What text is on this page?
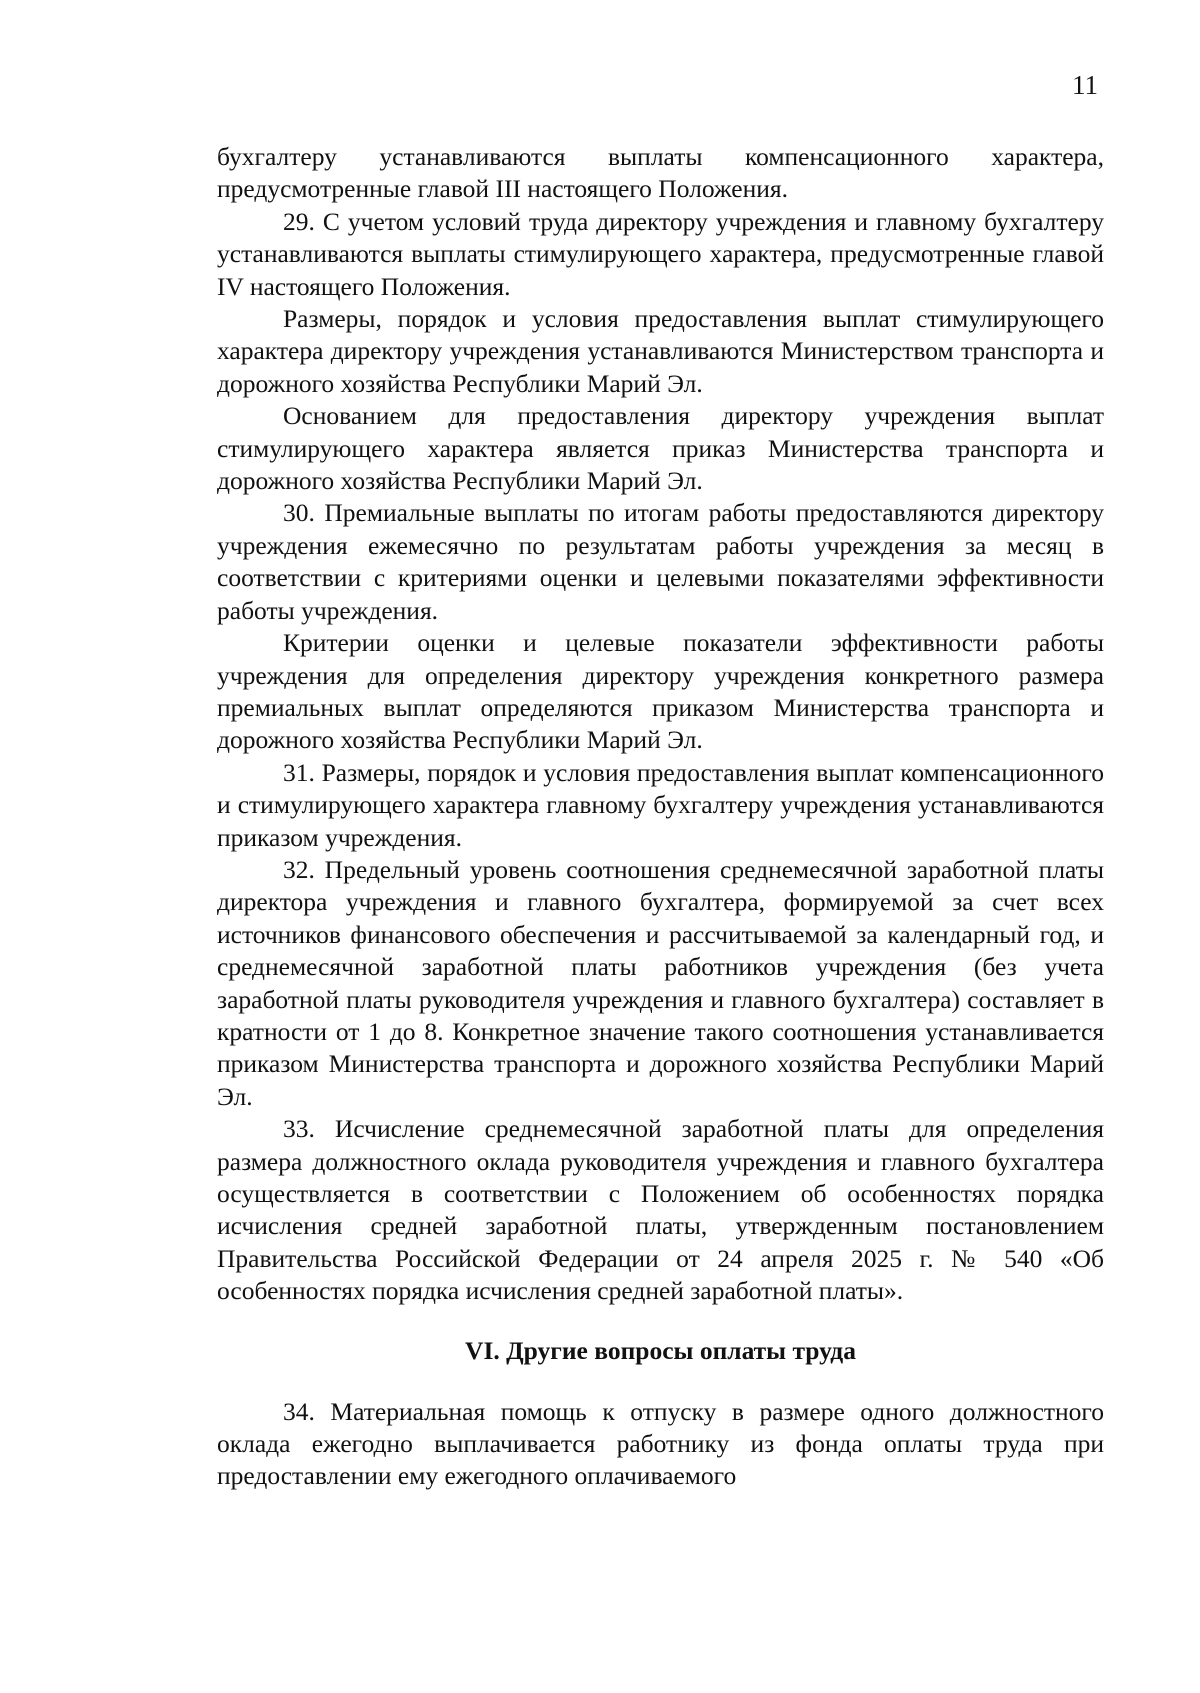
11

бухгалтеру устанавливаются выплаты компенсационного характера, предусмотренные главой III настоящего Положения.

29. С учетом условий труда директору учреждения и главному бухгалтеру устанавливаются выплаты стимулирующего характера, предусмотренные главой IV настоящего Положения.

Размеры, порядок и условия предоставления выплат стимулирующего характера директору учреждения устанавливаются Министерством транспорта и дорожного хозяйства Республики Марий Эл.

Основанием для предоставления директору учреждения выплат стимулирующего характера является приказ Министерства транспорта и дорожного хозяйства Республики Марий Эл.

30. Премиальные выплаты по итогам работы предоставляются директору учреждения ежемесячно по результатам работы учреждения за месяц в соответствии с критериями оценки и целевыми показателями эффективности работы учреждения.

Критерии оценки и целевые показатели эффективности работы учреждения для определения директору учреждения конкретного размера премиальных выплат определяются приказом Министерства транспорта и дорожного хозяйства Республики Марий Эл.

31. Размеры, порядок и условия предоставления выплат компенсационного и стимулирующего характера главному бухгалтеру учреждения устанавливаются приказом учреждения.

32. Предельный уровень соотношения среднемесячной заработной платы директора учреждения и главного бухгалтера, формируемой за счет всех источников финансового обеспечения и рассчитываемой за календарный год, и среднемесячной заработной платы работников учреждения (без учета заработной платы руководителя учреждения и главного бухгалтера) составляет в кратности от 1 до 8. Конкретное значение такого соотношения устанавливается приказом Министерства транспорта и дорожного хозяйства Республики Марий Эл.

33. Исчисление среднемесячной заработной платы для определения размера должностного оклада руководителя учреждения и главного бухгалтера осуществляется в соответствии с Положением об особенностях порядка исчисления средней заработной платы, утвержденным постановлением Правительства Российской Федерации от 24 апреля 2025 г. № 540 «Об особенностях порядка исчисления средней заработной платы».

VI. Другие вопросы оплаты труда

34. Материальная помощь к отпуску в размере одного должностного оклада ежегодно выплачивается работнику из фонда оплаты труда при предоставлении ему ежегодного оплачиваемого
